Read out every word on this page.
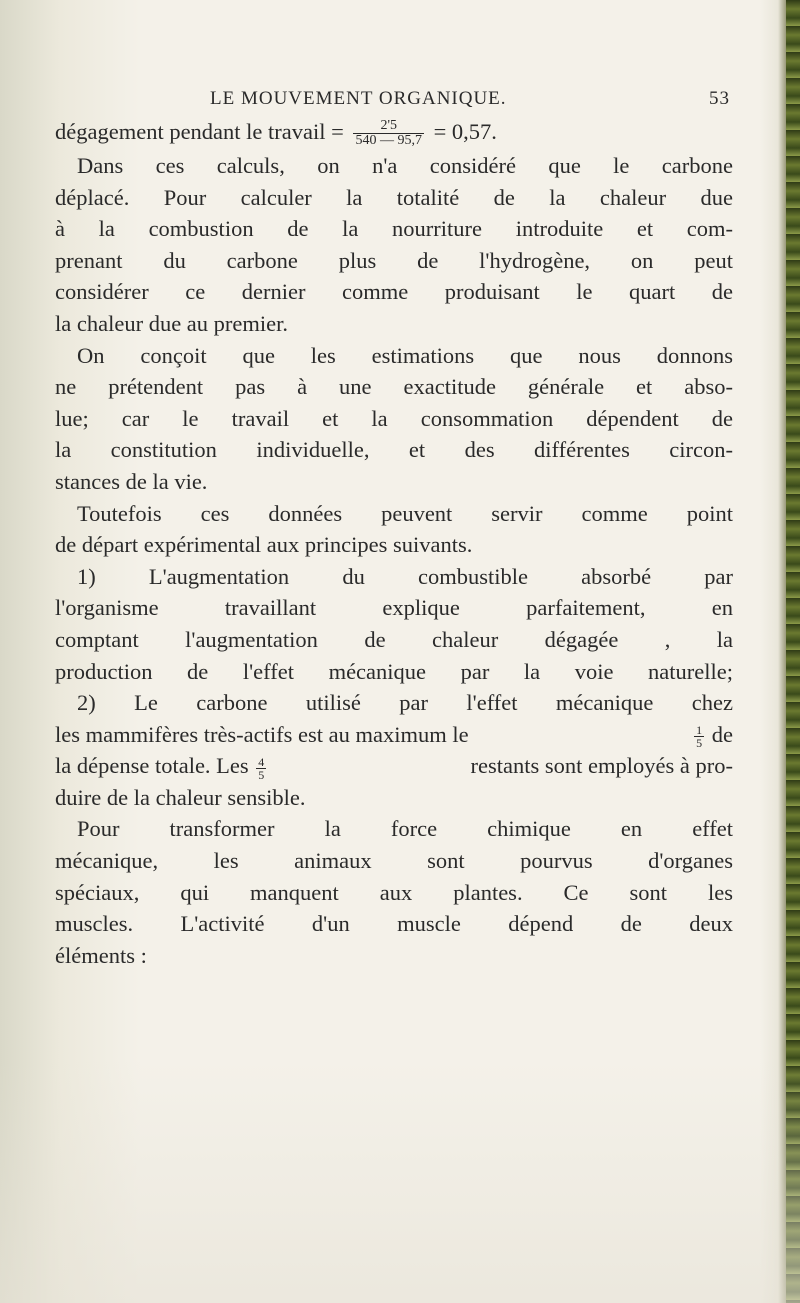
LE MOUVEMENT ORGANIQUE.	53
dégagement pendant le travail = $\frac{2'5}{540 — 95,7} = 0,57$.
Dans ces calculs, on n'a considéré que le carbone
déplacé. Pour calculer la totalité de la chaleur due
à la combustion de la nourriture introduite et com-
prenant du carbone plus de l'hydrogène, on peut
considérer ce dernier comme produisant le quart de
la chaleur due au premier.
On conçoit que les estimations que nous donnons
ne prétendent pas à une exactitude générale et abso-
lue; car le travail et la consommation dépendent de
la constitution individuelle, et des différentes circon-
stances de la vie.
Toutefois ces données peuvent servir comme point
de départ expérimental aux principes suivants.
1) L'augmentation du combustible absorbé par
l'organisme travaillant explique parfaitement, en
comptant l'augmentation de chaleur dégagée , la
production de l'effet mécanique par la voie naturelle;
2) Le carbone utilisé par l'effet mécanique chez
les mammifères très-actifs est au maximum le	$\frac{1}{5}$ de
la dépense totale. Les $\frac{4}{5}$	restants sont employés à pro-
duire de la chaleur sensible.
Pour transformer la force chimique en effet
mécanique, les animaux sont pourvus d'organes
spéciaux, qui manquent aux plantes. Ce sont les
muscles. L'activité d'un muscle dépend de deux
éléments :
